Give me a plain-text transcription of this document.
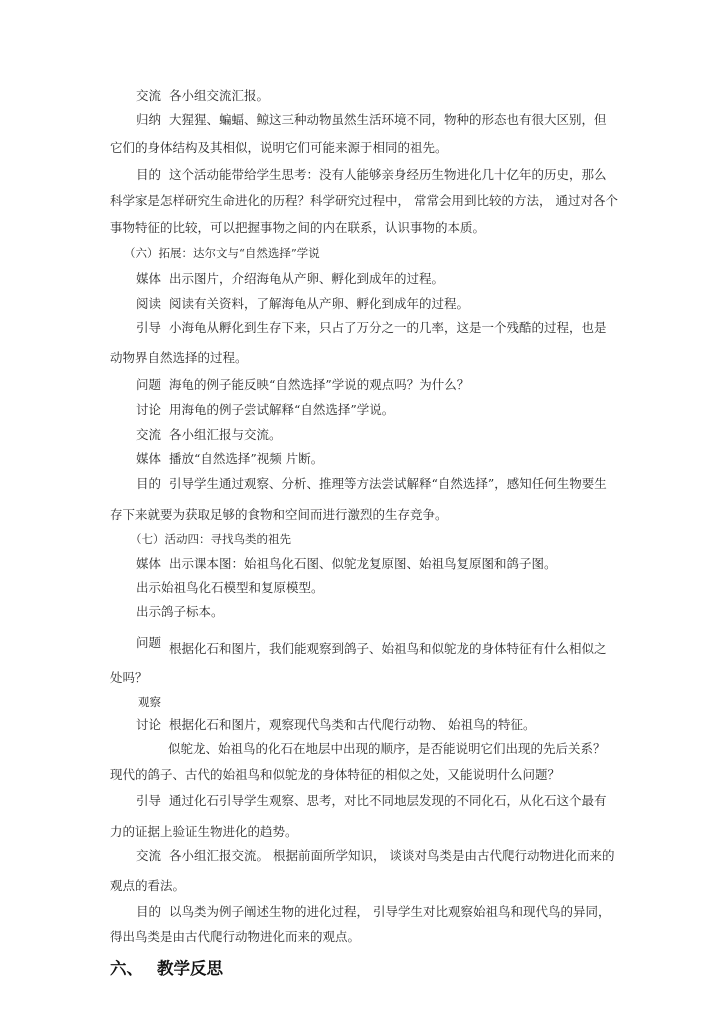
交流 各小组交流汇报。
归纳 大猩猩、蝙蝠、鲸这三种动物虽然生活环境不同，物种的形态也有很大区别，但
它们的身体结构及其相似，说明它们可能来源于相同的祖先。
目的 这个活动能带给学生思考：没有人能够亲身经历生物进化几十亿年的历史，那么
科学家是怎样研究生命进化的历程？科学研究过程中， 常常会用到比较的方法， 通过对各个
事物特征的比较，可以把握事物之间的内在联系，认识事物的本质。
（六）拓展：达尔文与“自然选择”学说
媒体 出示图片，介绍海龟从产卵、孵化到成年的过程。
阅读 阅读有关资料，了解海龟从产卵、孵化到成年的过程。
引导 小海龟从孵化到生存下来，只占了万分之一的几率，这是一个残酷的过程，也是
动物界自然选择的过程。
问题 海龟的例子能反映“自然选择”学说的观点吗？为什么？
讨论 用海龟的例子尝试解释“自然选择”学说。
交流 各小组汇报与交流。
媒体 播放“自然选择”视频 片断。
目的 引导学生通过观察、分析、推理等方法尝试解释“自然选择”，感知任何生物要生
存下来就要为获取足够的食物和空间而进行激烈的生存竞争。
（七）活动四：寻找鸟类的祖先
媒体 出示课本图：始祖鸟化石图、似鸵龙复原图、始祖鸟复原图和鸽子图。
出示始祖鸟化石模型和复原模型。
出示鸽子标本。
问题 根据化石和图片，我们能观察到鸽子、始祖鸟和似鸵龙的身体特征有什么相似之
处吗？
观察
讨论 根据化石和图片，观察现代鸟类和古代爬行动物、 始祖鸟的特征。
似鸵龙、始祖鸟的化石在地层中出现的顺序，是否能说明它们出现的先后关系？
现代的鸽子、古代的始祖鸟和似鸵龙的身体特征的相似之处，又能说明什么问题？
引导 通过化石引导学生观察、思考，对比不同地层发现的不同化石，从化石这个最有
力的证据上验证生物进化的趋势。
交流 各小组汇报交流。 根据前面所学知识， 谈谈对鸟类是由古代爬行动物进化而来的
观点的看法。
目的 以鸟类为例子阐述生物的进化过程， 引导学生对比观察始祖鸟和现代鸟的异同，
得出鸟类是由古代爬行动物进化而来的观点。
六、 教学反思
